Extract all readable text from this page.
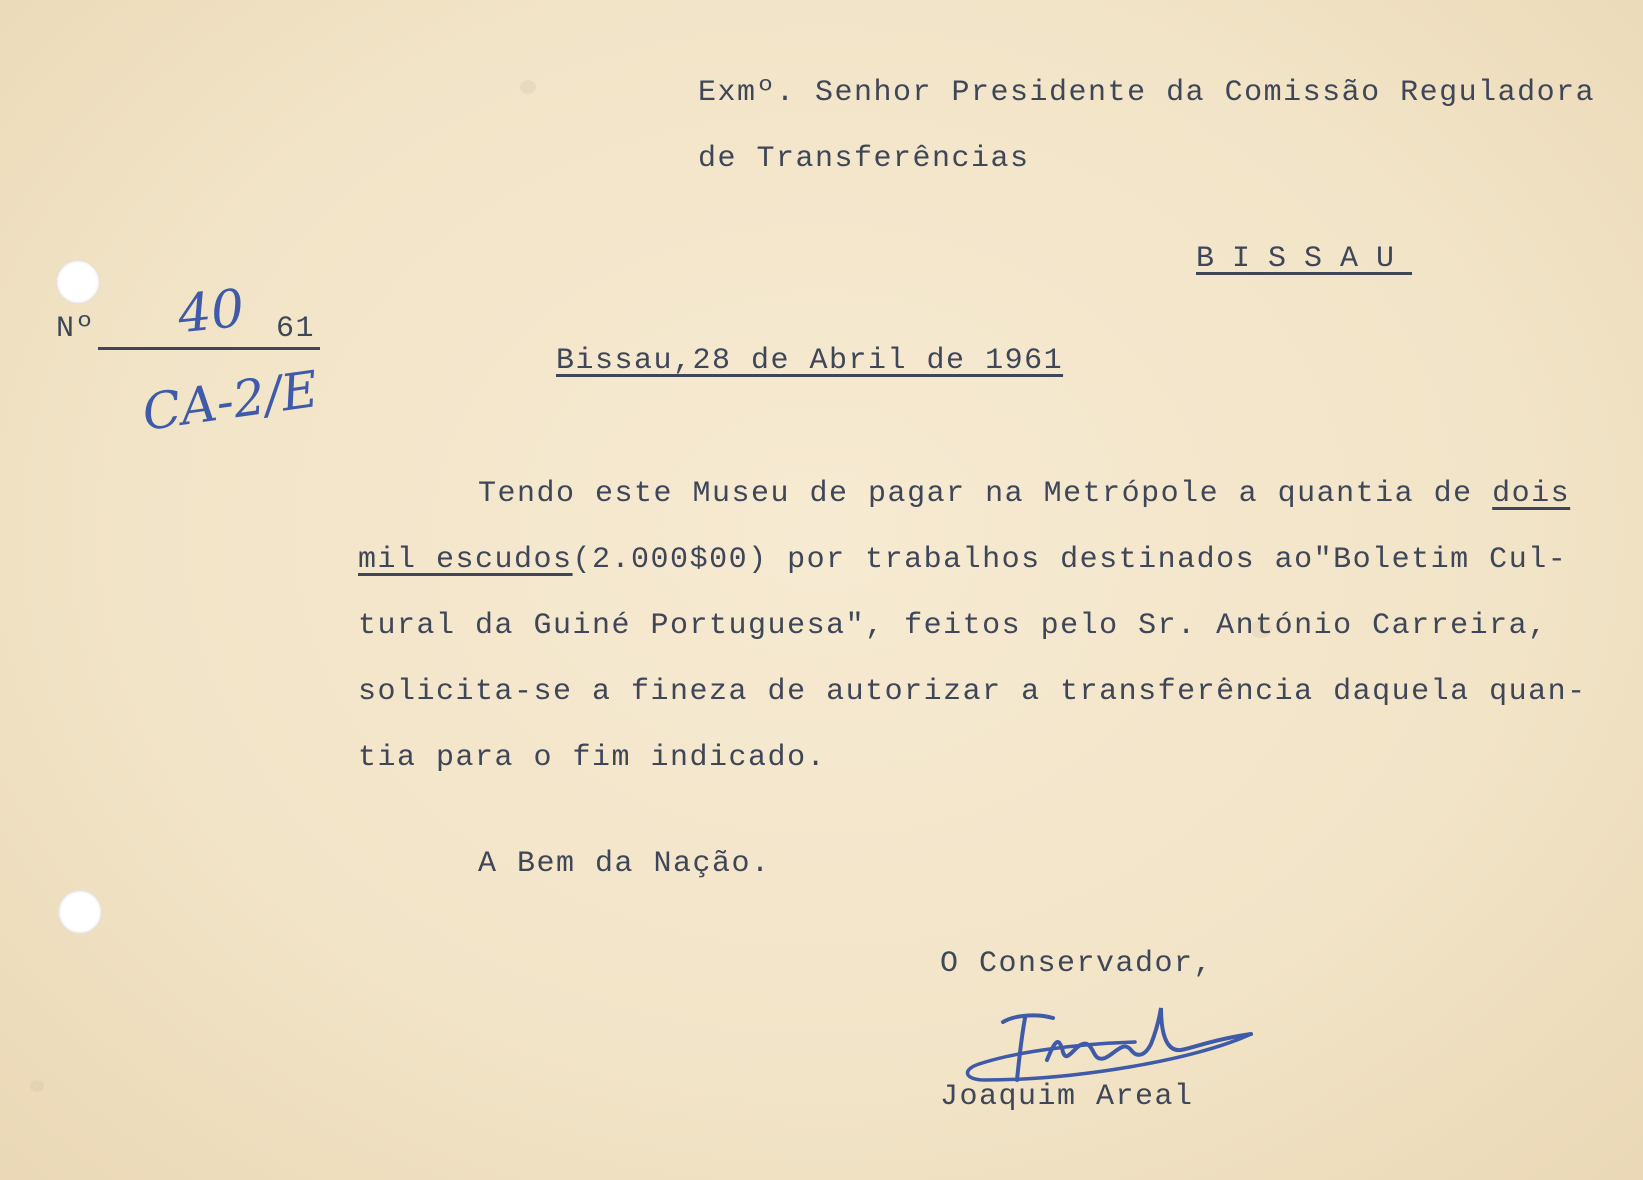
Exmº. Senhor Presidente da Comissão Reguladora
de Transferências
BISSAU
Nº 40 61
CA-2/E	Bissau,28 de Abril de 1961
Tendo este Museu de pagar na Metrópole a quantia de dois
mil escudos(2.000$00) por trabalhos destinados ao"Boletim Cul-
tural da Guiné Portuguesa", feitos pelo Sr. António Carreira,
solicita-se a fineza de autorizar a transferência daquela quan-
tia para o fim indicado.
A Bem da Nação.
O Conservador,
Joaquim Areal
